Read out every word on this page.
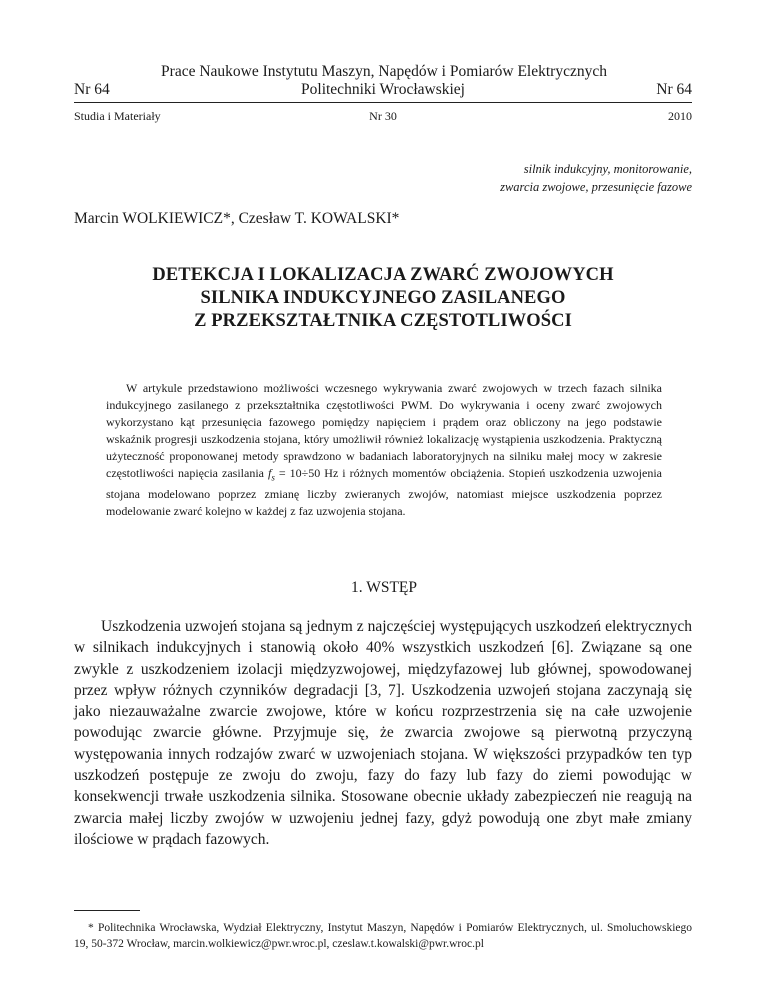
Prace Naukowe Instytutu Maszyn, Napędów i Pomiarów Elektrycznych
Nr 64	Politechniki Wrocławskiej	Nr 64
Studia i Materiały	Nr 30	2010
silnik indukcyjny, monitorowanie,
zwarcia zwojowe, przesunięcie fazowe
Marcin WOLKIEWICZ*, Czesław T. KOWALSKI*
DETEKCJA I LOKALIZACJA ZWARĆ ZWOJOWYCH
SILNIKA INDUKCYJNEGO ZASILANEGO
Z PRZEKSZTAŁTNIKA CZĘSTOTLIWOŚCI
W artykule przedstawiono możliwości wczesnego wykrywania zwarć zwojowych w trzech fazach silnika indukcyjnego zasilanego z przekształtnika częstotliwości PWM. Do wykrywania i oceny zwarć zwojowych wykorzystano kąt przesunięcia fazowego pomiędzy napięciem i prądem oraz obliczony na jego podstawie wskaźnik progresji uszkodzenia stojana, który umożliwił również lokalizację wystąpienia uszkodzenia. Praktyczną użyteczność proponowanej metody sprawdzono w badaniach laboratoryjnych na silniku małej mocy w zakresie częstotliwości napięcia zasilania $f_s = 10\div 50$ Hz i różnych momentów obciążenia. Stopień uszkodzenia uzwojenia stojana modelowano poprzez zmianę liczby zwieranych zwojów, natomiast miejsce uszkodzenia poprzez modelowanie zwarć kolejno w każdej z faz uzwojenia stojana.
1. WSTĘP
Uszkodzenia uzwojeń stojana są jednym z najczęściej występujących uszkodzeń elektrycznych w silnikach indukcyjnych i stanowią około 40% wszystkich uszkodzeń [6]. Związane są one zwykle z uszkodzeniem izolacji międzyzwojowej, międzyfazowej lub głównej, spowodowanej przez wpływ różnych czynników degradacji [3, 7]. Uszkodzenia uzwojeń stojana zaczynają się jako niezauważalne zwarcie zwojowe, które w końcu rozprzestrzenia się na całe uzwojenie powodując zwarcie główne. Przyjmuje się, że zwarcia zwojowe są pierwotną przyczyną występowania innych rodzajów zwarć w uzwojeniach stojana. W większości przypadków ten typ uszkodzeń postępuje ze zwoju do zwoju, fazy do fazy lub fazy do ziemi powodując w konsekwencji trwałe uszkodzenia silnika. Stosowane obecnie układy zabezpieczeń nie reagują na zwarcia małej liczby zwojów w uzwojeniu jednej fazy, gdyż powodują one zbyt małe zmiany ilościowe w prądach fazowych.
* Politechnika Wrocławska, Wydział Elektryczny, Instytut Maszyn, Napędów i Pomiarów Elektrycznych, ul. Smoluchowskiego 19, 50-372 Wrocław, marcin.wolkiewicz@pwr.wroc.pl, czeslaw.t.kowalski@pwr.wroc.pl
